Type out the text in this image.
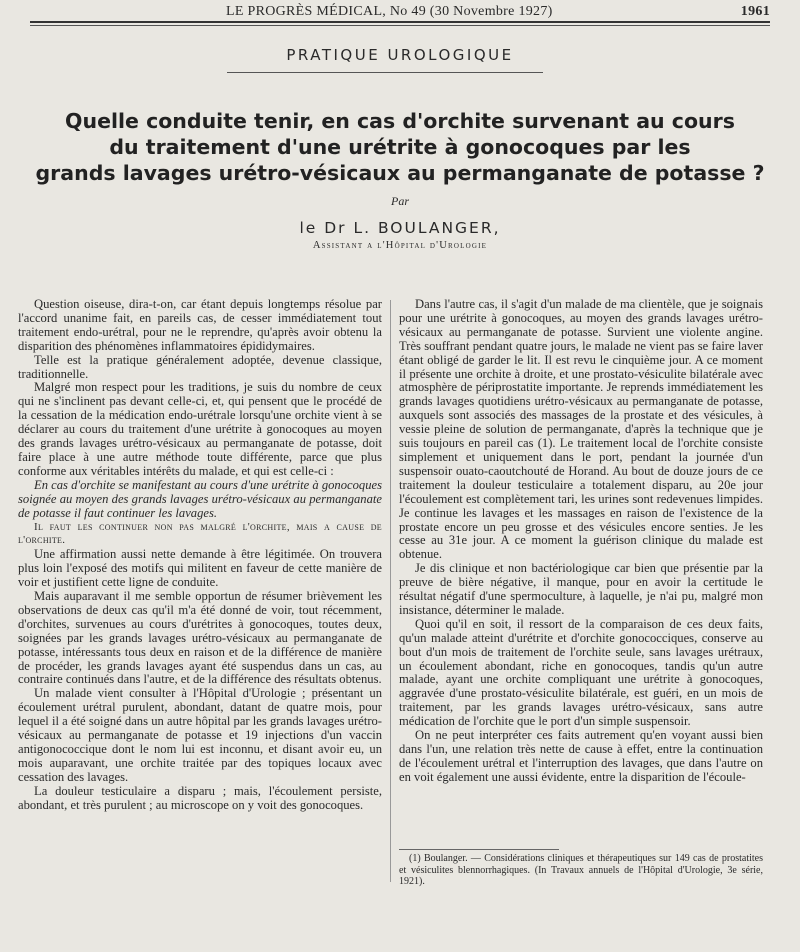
LE PROGRÈS MÉDICAL, No 49 (30 Novembre 1927)	1961
PRATIQUE UROLOGIQUE
Quelle conduite tenir, en cas d'orchite survenant au cours
du traitement d'une urétrite à gonocoques par les
grands lavages urétro-vésicaux au permanganate de potasse ?
Par
le Dr L. BOULANGER,
Assistant a l'Hôpital d'Urologie

Question oiseuse, dira-t-on, car étant depuis longtemps résolue par l'accord unanime fait, en pareils cas, de cesser immédiatement tout traitement endo-urétral, pour ne le reprendre, qu'après avoir obtenu la disparition des phénomènes inflammatoires épididymaires.

Telle est la pratique généralement adoptée, devenue classique, traditionnelle.

Malgré mon respect pour les traditions, je suis du nombre de ceux qui ne s'inclinent pas devant celle-ci, et, qui pensent que le procédé de la cessation de la médication endo-urétrale lorsqu'une orchite vient à se déclarer au cours du traitement d'une urétrite à gonocoques au moyen des grands lavages urétro-vésicaux au permanganate de potasse, doit faire place à une autre méthode toute différente, parce que plus conforme aux véritables intérêts du malade, et qui est celle-ci :

En cas d'orchite se manifestant au cours d'une urétrite à gonocoques soignée au moyen des grands lavages urétro-vésicaux au permanganate de potasse il faut continuer les lavages.

Il faut les continuer non pas malgré l'orchite, mais a cause de l'orchite.

Une affirmation aussi nette demande à être légitimée. On trouvera plus loin l'exposé des motifs qui militent en faveur de cette manière de voir et justifient cette ligne de conduite.

Mais auparavant il me semble opportun de résumer brièvement les observations de deux cas qu'il m'a été donné de voir, tout récemment, d'orchites, survenues au cours d'urétrites à gonocoques, toutes deux, soignées par les grands lavages urétro-vésicaux au permanganate de potasse, intéressants tous deux en raison et de la différence de manière de procéder, les grands lavages ayant été suspendus dans un cas, au contraire continués dans l'autre, et de la différence des résultats obtenus.

Un malade vient consulter à l'Hôpital d'Urologie ; présentant un écoulement urétral purulent, abondant, datant de quatre mois, pour lequel il a été soigné dans un autre hôpital par les grands lavages urétro-vésicaux au permanganate de potasse et 19 injections d'un vaccin antigonococcique dont le nom lui est inconnu, et disant avoir eu, un mois auparavant, une orchite traitée par des topiques locaux avec cessation des lavages.

La douleur testiculaire a disparu ; mais, l'écoulement persiste, abondant, et très purulent ; au microscope on y voit des gonocoques.

Dans l'autre cas, il s'agit d'un malade de ma clientèle, que je soignais pour une urétrite à gonocoques, au moyen des grands lavages urétro-vésicaux au permanganate de potasse. Survient une violente angine. Très souffrant pendant quatre jours, le malade ne vient pas se faire laver étant obligé de garder le lit. Il est revu le cinquième jour. A ce moment il présente une orchite à droite, et une prostato-vésiculite bilatérale avec atmosphère de périprostatite importante. Je reprends immédiatement les grands lavages quotidiens urétro-vésicaux au permanganate de potasse, auxquels sont associés des massages de la prostate et des vésicules, à vessie pleine de solution de permanganate, d'après la technique que je suis toujours en pareil cas (1). Le traitement local de l'orchite consiste simplement et uniquement dans le port, pendant la journée d'un suspensoir ouato-caoutchouté de Horand. Au bout de douze jours de ce traitement la douleur testiculaire a totalement disparu, au 20e jour l'écoulement est complètement tari, les urines sont redevenues limpides. Je continue les lavages et les massages en raison de l'existence de la prostate encore un peu grosse et des vésicules encore senties. Je les cesse au 31e jour. A ce moment la guérison clinique du malade est obtenue.

Je dis clinique et non bactériologique car bien que présentie par la preuve de bière négative, il manque, pour en avoir la certitude le résultat négatif d'une spermoculture, à laquelle, je n'ai pu, malgré mon insistance, déterminer le malade.

Quoi qu'il en soit, il ressort de la comparaison de ces deux faits, qu'un malade atteint d'urétrite et d'orchite gonococciques, conserve au bout d'un mois de traitement de l'orchite seule, sans lavages urétraux, un écoulement abondant, riche en gonocoques, tandis qu'un autre malade, ayant une orchite compliquant une urétrite à gonocoques, aggravée d'une prostato-vésiculite bilatérale, est guéri, en un mois de traitement, par les grands lavages urétro-vésicaux, sans autre médication de l'orchite que le port d'un simple suspensoir.

On ne peut interpréter ces faits autrement qu'en voyant aussi bien dans l'un, une relation très nette de cause à effet, entre la continuation de l'écoulement urétral et l'interruption des lavages, que dans l'autre on en voit également une aussi évidente, entre la disparition de l'écoule-

(1) Boulanger. — Considérations cliniques et thérapeutiques sur 149 cas de prostatites et vésiculites blennorrhagiques. (In Travaux annuels de l'Hôpital d'Urologie, 3e série, 1921).
